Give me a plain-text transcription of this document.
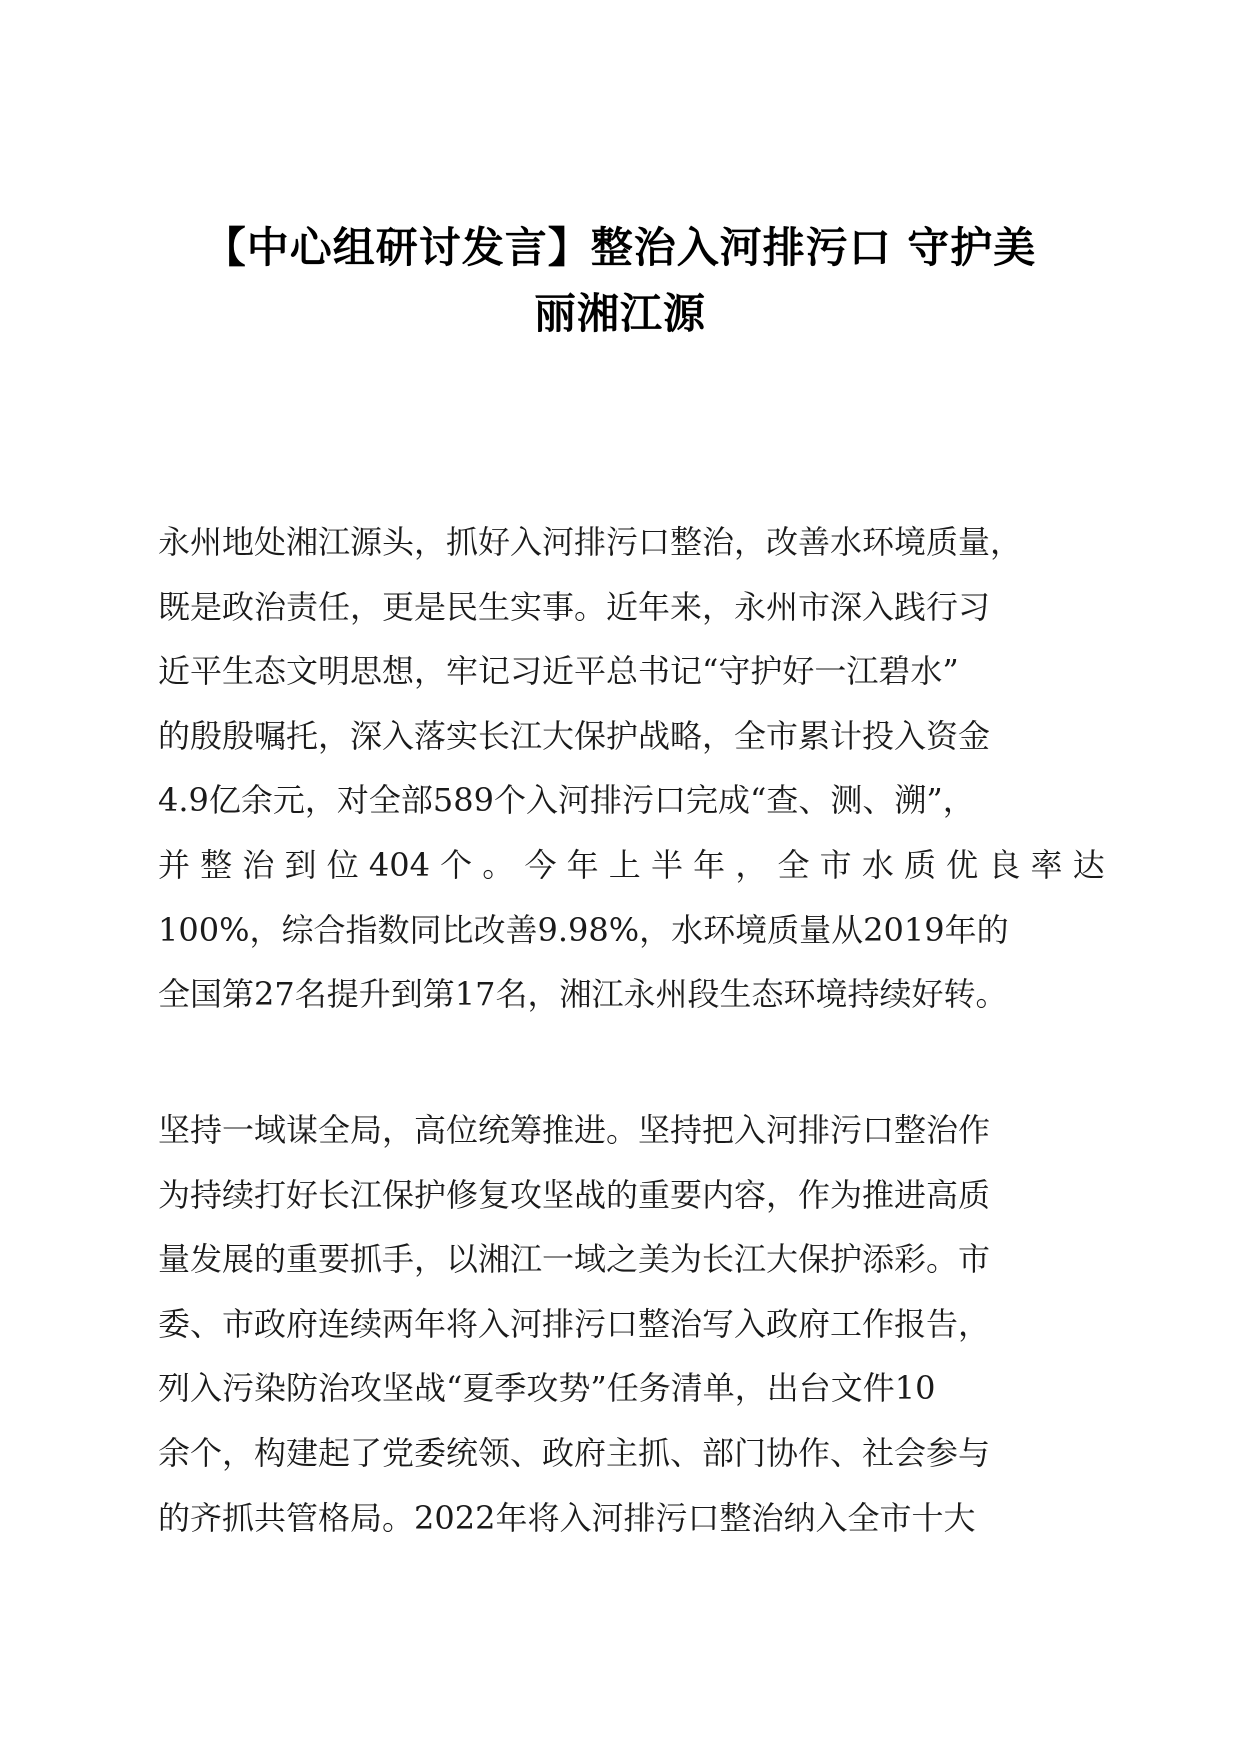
【中心组研讨发言】整治入河排污口 守护美
丽湘江源
永州地处湘江源头，抓好入河排污口整治，改善水环境质量，
既是政治责任，更是民生实事。近年来，永州市深入践行习
近平生态文明思想，牢记习近平总书记“守护好一江碧水”
的殷殷嘱托，深入落实长江大保护战略，全市累计投入资金
4.9亿余元，对全部589个入河排污口完成“查、测、溯”，
并 整 治 到 位 404 个 。 今 年 上 半 年 ， 全 市 水 质 优 良 率 达
100%，综合指数同比改善9.98%，水环境质量从2019年的
全国第27名提升到第17名，湘江永州段生态环境持续好转。
坚持一域谋全局，高位统筹推进。坚持把入河排污口整治作
为持续打好长江保护修复攻坚战的重要内容，作为推进高质
量发展的重要抓手，以湘江一域之美为长江大保护添彩。市
委、市政府连续两年将入河排污口整治写入政府工作报告，
列入污染防治攻坚战“夏季攻势”任务清单，出台文件10
余个，构建起了党委统领、政府主抓、部门协作、社会参与
的齐抓共管格局。2022年将入河排污口整治纳入全市十大
